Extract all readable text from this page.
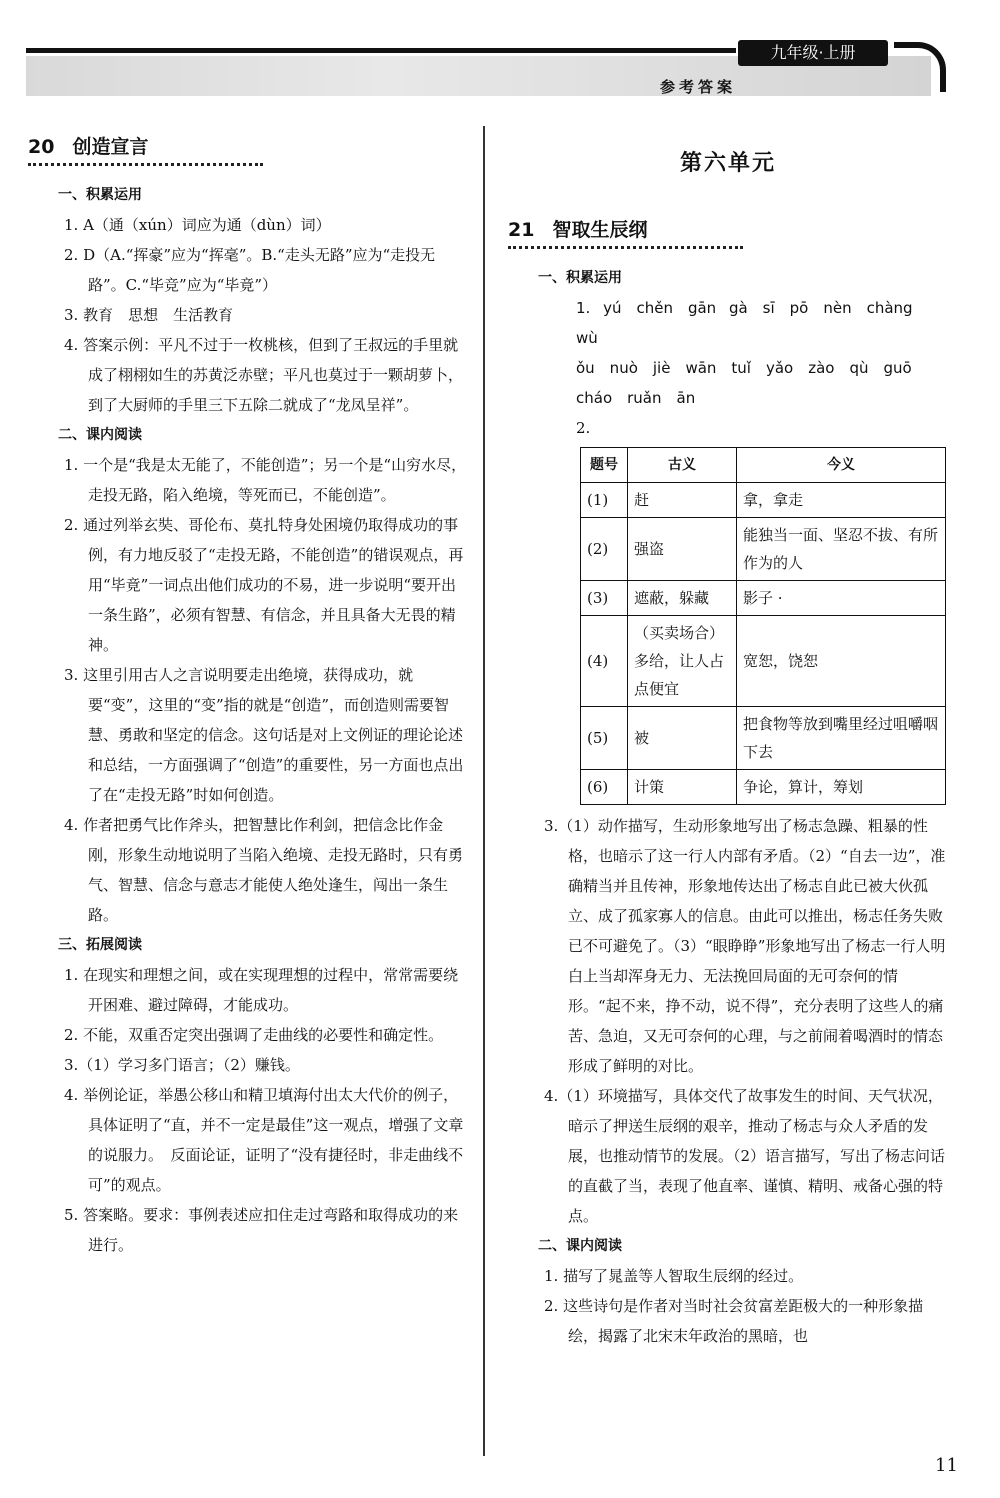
九年级·上册
参考答案
20 创造宣言
一、积累运用
1. A（通（xún）词应为通（dùn）词）
2. D（A.“挥豪”应为“挥毫”。B.“走头无路”应为“走投无路”。C.“毕竞”应为“毕竟”）
3. 教育　思想　生活教育
4. 答案示例：平凡不过于一枚桃核，但到了王叔远的手里就成了栩栩如生的苏黄泛赤壁；平凡也莫过于一颗胡萝卜，到了大厨师的手里三下五除二就成了“龙凤呈祥”。
二、课内阅读
1. 一个是“我是太无能了，不能创造”；另一个是“山穷水尽，走投无路，陷入绝境，等死而已，不能创造”。
2. 通过列举玄奘、哥伦布、莫扎特身处困境仍取得成功的事例，有力地反驳了“走投无路，不能创造”的错误观点，再用“毕竟”一词点出他们成功的不易，进一步说明“要开出一条生路”，必须有智慧、有信念，并且具备大无畏的精神。
3. 这里引用古人之言说明要走出绝境，获得成功，就要“变”，这里的“变”指的就是“创造”，而创造则需要智慧、勇敢和坚定的信念。这句话是对上文例证的理论论述和总结，一方面强调了“创造”的重要性，另一方面也点出了在“走投无路”时如何创造。
4. 作者把勇气比作斧头，把智慧比作利剑，把信念比作金刚，形象生动地说明了当陷入绝境、走投无路时，只有勇气、智慧、信念与意志才能使人绝处逢生，闯出一条生路。
三、拓展阅读
1. 在现实和理想之间，或在实现理想的过程中，常常需要绕开困难、避过障碍，才能成功。
2. 不能，双重否定突出强调了走曲线的必要性和确定性。
3.（1）学习多门语言；（2）赚钱。
4. 举例论证，举愚公移山和精卫填海付出太大代价的例子，具体证明了“直，并不一定是最佳”这一观点，增强了文章的说服力。　反面论证，证明了“没有捷径时，非走曲线不可”的观点。
5. 答案略。要求：事例表述应扣住走过弯路和取得成功的来进行。
第六单元
21 智取生辰纲
一、积累运用
1. yú　chěn　gān gà　sī　pō　nèn　chàng　wù
ǒu　nuò　jiè　wān　tuǐ　yǎo　zào　qù　guō
cháo　ruǎn　ān
2.
题号	古义	今义
(1)	赶	拿，拿走
(2)	强盗	能独当一面、坚忍不拔、有所作为的人
(3)	遮蔽，躲藏	影子 ·
(4)	（买卖场合）多给，让人占点便宜	宽恕，饶恕
(5)	被	把食物等放到嘴里经过咀嚼咽下去
(6)	计策	争论，算计，筹划
3.（1）动作描写，生动形象地写出了杨志急躁、粗暴的性格，也暗示了这一行人内部有矛盾。（2）“自去一边”，准确精当并且传神，形象地传达出了杨志自此已被大伙孤立、成了孤家寡人的信息。由此可以推出，杨志任务失败已不可避免了。（3）“眼睁睁”形象地写出了杨志一行人明白上当却浑身无力、无法挽回局面的无可奈何的情形。“起不来，挣不动，说不得”，充分表明了这些人的痛苦、急迫，又无可奈何的心理，与之前闹着喝酒时的情态形成了鲜明的对比。
4.（1）环境描写，具体交代了故事发生的时间、天气状况，暗示了押送生辰纲的艰辛，推动了杨志与众人矛盾的发展，也推动情节的发展。（2）语言描写，写出了杨志问话的直截了当，表现了他直率、谨慎、精明、戒备心强的特点。
二、课内阅读
1. 描写了晁盖等人智取生辰纲的经过。
2. 这些诗句是作者对当时社会贫富差距极大的一种形象描绘，揭露了北宋末年政治的黑暗，也
11
